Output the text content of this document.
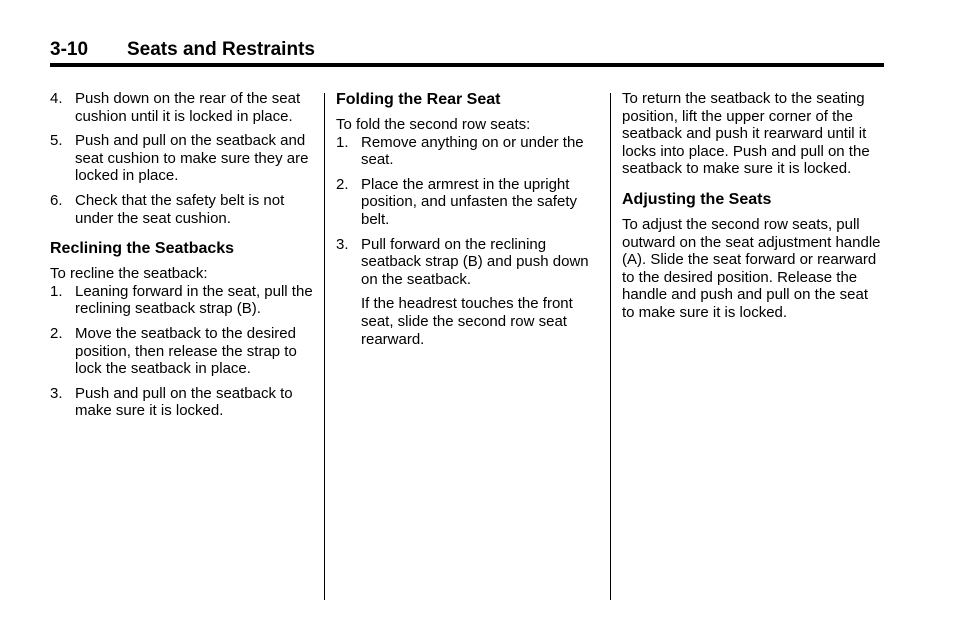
3-10 Seats and Restraints
4. Push down on the rear of the seat cushion until it is locked in place.

5. Push and pull on the seatback and seat cushion to make sure they are locked in place.

6. Check that the safety belt is not under the seat cushion.

Reclining the Seatbacks

To recline the seatback:

1. Leaning forward in the seat, pull the reclining seatback strap (B).

2. Move the seatback to the desired position, then release the strap to lock the seatback in place.

3. Push and pull on the seatback to make sure it is locked.

Folding the Rear Seat

To fold the second row seats:

1. Remove anything on or under the seat.

2. Place the armrest in the upright position, and unfasten the safety belt.

3. Pull forward on the reclining seatback strap (B) and push down on the seatback.

If the headrest touches the front seat, slide the second row seat rearward.

To return the seatback to the seating position, lift the upper corner of the seatback and push it rearward until it locks into place. Push and pull on the seatback to make sure it is locked.

Adjusting the Seats

To adjust the second row seats, pull outward on the seat adjustment handle (A). Slide the seat forward or rearward to the desired position. Release the handle and push and pull on the seat to make sure it is locked.
